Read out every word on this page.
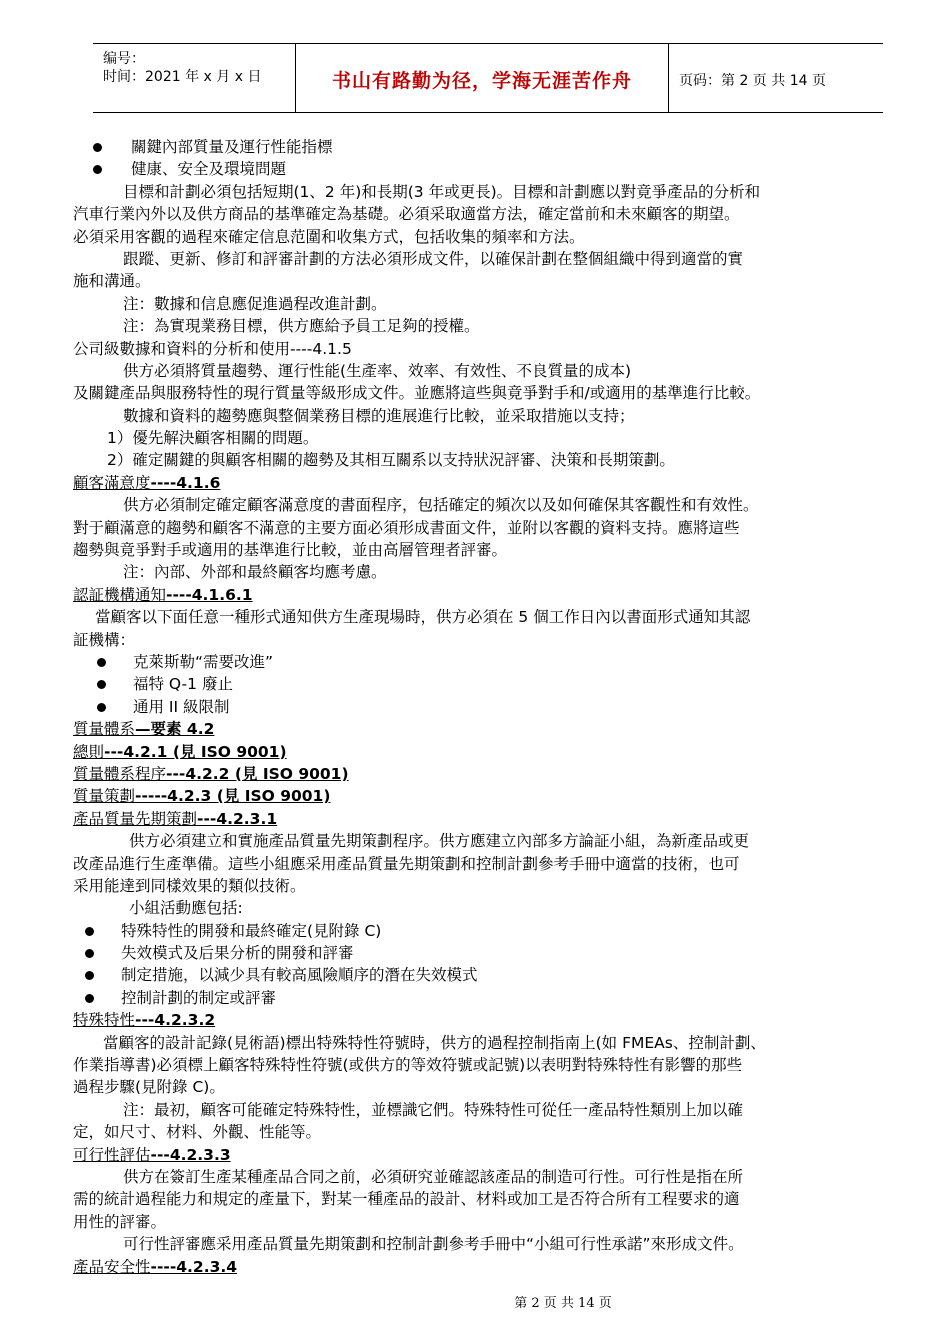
编号：
时间：2021 年 x 月 x 日	书山有路勤为径，学海无涯苦作舟	页码：第 2 页 共 14 页
關鍵內部質量及運行性能指標
健康、安全及環境問題
目標和計劃必須包括短期(1、2 年)和長期(3 年或更長)。目標和計劃應以對竟爭產品的分析和
汽車行業內外以及供方商品的基準確定為基礎。必須采取適當方法，確定當前和未來顧客的期望。
必須采用客觀的過程來確定信息范圍和收集方式，包括收集的頻率和方法。
跟蹤、更新、修訂和評審計劃的方法必須形成文件，以確保計劃在整個組織中得到適當的實
施和溝通。
注：數據和信息應促進過程改進計劃。
注：為實現業務目標，供方應給予員工足夠的授權。
公司級數據和資料的分析和使用----4.1.5
供方必須將質量趨勢、運行性能(生產率、效率、有效性、不良質量的成本)
及關鍵產品與服務特性的現行質量等級形成文件。並應將這些與竟爭對手和/或適用的基準進行比較。
數據和資料的趨勢應與整個業務目標的進展進行比較，並采取措施以支持；
1）優先解決顧客相關的問題。
2）確定關鍵的與顧客相關的趨勢及其相互關系以支持狀況評審、決策和長期策劃。
顧客滿意度----4.1.6
供方必須制定確定顧客滿意度的書面程序，包括確定的頻次以及如何確保其客觀性和有效性。
對于顧滿意的趨勢和顧客不滿意的主要方面必須形成書面文件，並附以客觀的資料支持。應將這些
趨勢與竟爭對手或適用的基準進行比較，並由高層管理者評審。
注：內部、外部和最終顧客均應考慮。
認証機構通知----4.1.6.1
當顧客以下面任意一種形式通知供方生產現場時，供方必須在 5 個工作日內以書面形式通知其認
証機構：
克萊斯勒“需要改進”
福特 Q-1 廢止
通用 II 級限制
質量體系—要素 4.2
總則---4.2.1 (見 ISO 9001)
質量體系程序---4.2.2 (見 ISO 9001)
質量策劃-----4.2.3 (見 ISO 9001)
產品質量先期策劃---4.2.3.1
供方必須建立和實施產品質量先期策劃程序。供方應建立內部多方論証小組，為新產品或更
改產品進行生產準備。這些小組應采用產品質量先期策劃和控制計劃參考手冊中適當的技術，也可
采用能達到同樣效果的類似技術。
小組活動應包括:
特殊特性的開發和最終確定(見附錄 C)
失效模式及后果分析的開發和評審
制定措施，以減少具有較高風險順序的潛在失效模式
控制計劃的制定或評審
特殊特性---4.2.3.2
當顧客的設計記錄(見術語)標出特殊特性符號時，供方的過程控制指南上(如 FMEAs、控制計劃、
作業指導書)必須標上顧客特殊特性符號(或供方的等效符號或記號)以表明對特殊特性有影響的那些
過程步驟(見附錄 C)。
注：最初，顧客可能確定特殊特性，並標識它們。特殊特性可從任一產品特性類別上加以確
定，如尺寸、材料、外觀、性能等。
可行性評估---4.2.3.3
供方在簽訂生產某種產品合同之前，必須研究並確認該產品的制造可行性。可行性是指在所
需的統計過程能力和規定的產量下，對某一種產品的設計、材料或加工是否符合所有工程要求的適
用性的評審。
可行性評審應采用產品質量先期策劃和控制計劃參考手冊中“小組可行性承諾”來形成文件。
產品安全性----4.2.3.4
第 2 页 共 14 页
